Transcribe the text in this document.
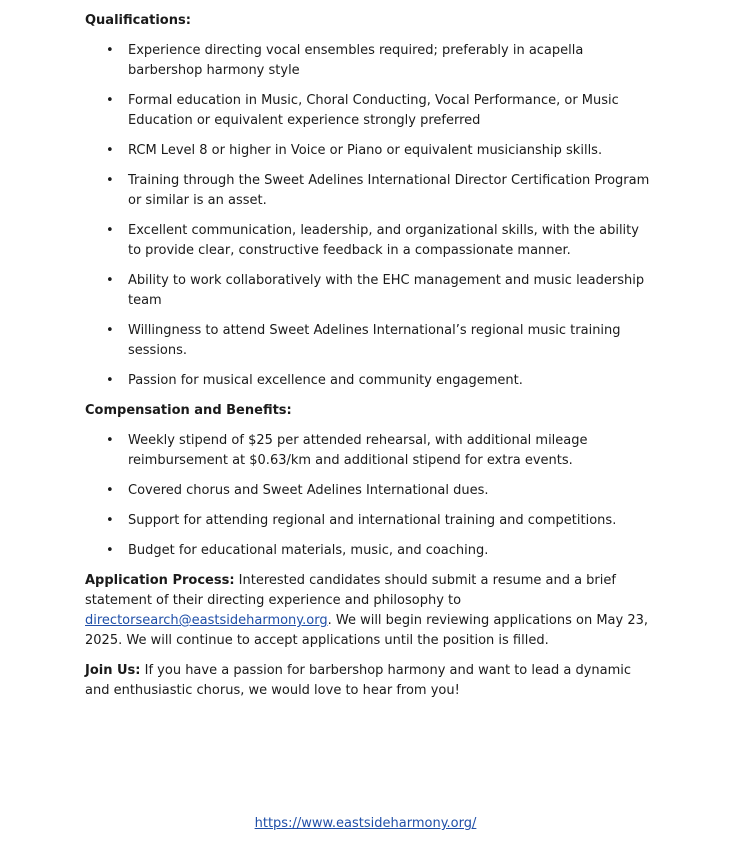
Qualifications:

• Experience directing vocal ensembles required; preferably in acapella barbershop harmony style
• Formal education in Music, Choral Conducting, Vocal Performance, or Music Education or equivalent experience strongly preferred
• RCM Level 8 or higher in Voice or Piano or equivalent musicianship skills.
• Training through the Sweet Adelines International Director Certification Program or similar is an asset.
• Excellent communication, leadership, and organizational skills, with the ability to provide clear, constructive feedback in a compassionate manner.
• Ability to work collaboratively with the EHC management and music leadership team
• Willingness to attend Sweet Adelines International’s regional music training sessions.
• Passion for musical excellence and community engagement.

Compensation and Benefits:

• Weekly stipend of $25 per attended rehearsal, with additional mileage reimbursement at $0.63/km and additional stipend for extra events.
• Covered chorus and Sweet Adelines International dues.
• Support for attending regional and international training and competitions.
• Budget for educational materials, music, and coaching.

Application Process: Interested candidates should submit a resume and a brief statement of their directing experience and philosophy to directorsearch@eastsideharmony.org. We will begin reviewing applications on May 23, 2025. We will continue to accept applications until the position is filled.

Join Us: If you have a passion for barbershop harmony and want to lead a dynamic and enthusiastic chorus, we would love to hear from you!

https://www.eastsideharmony.org/
